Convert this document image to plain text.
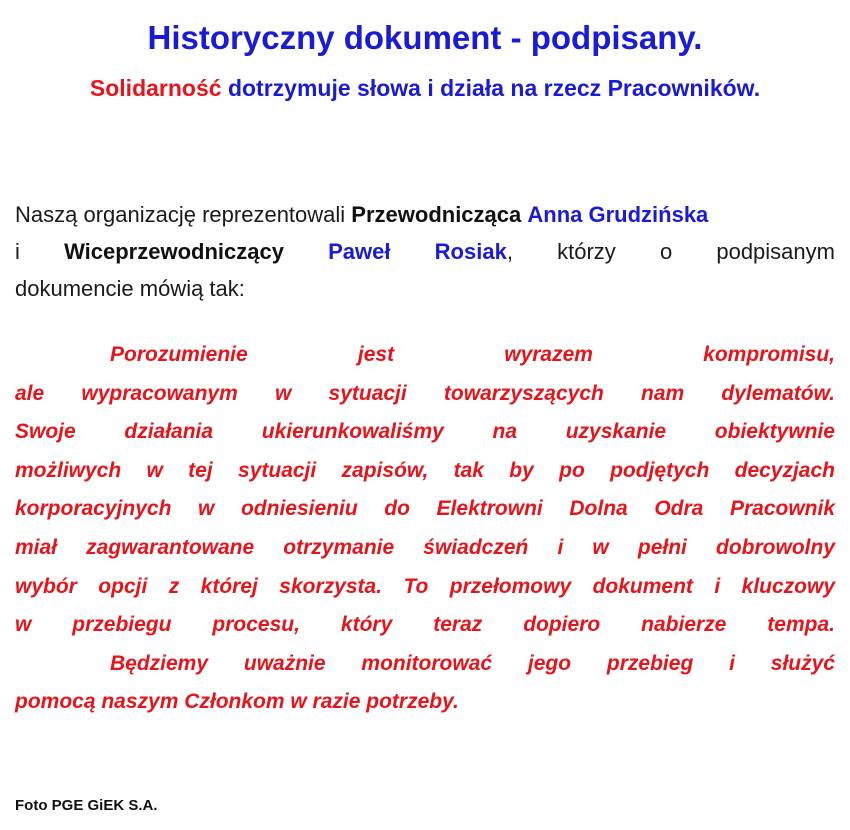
Historyczny dokument - podpisany.
Solidarność dotrzymuje słowa i działa na rzecz Pracowników.
Naszą organizację reprezentowali Przewodnicząca Anna Grudzińska
i Wiceprzewodniczący Paweł Rosiak, którzy o podpisanym
dokumencie mówią tak:
Porozumienie jest wyrazem kompromisu,
ale wypracowanym w sytuacji towarzyszących nam dylematów.
Swoje działania ukierunkowaliśmy na uzyskanie obiektywnie
możliwych w tej sytuacji zapisów, tak by po podjętych decyzjach
korporacyjnych w odniesieniu do Elektrowni Dolna Odra Pracownik
miał zagwarantowane otrzymanie świadczeń i w pełni dobrowolny
wybór opcji z której skorzysta. To przełomowy dokument i kluczowy
w przebiegu procesu, który teraz dopiero nabierze tempa.
Będziemy uważnie monitorować jego przebieg i służyć
pomocą naszym Członkom w razie potrzeby.
Foto PGE GiEK S.A.
